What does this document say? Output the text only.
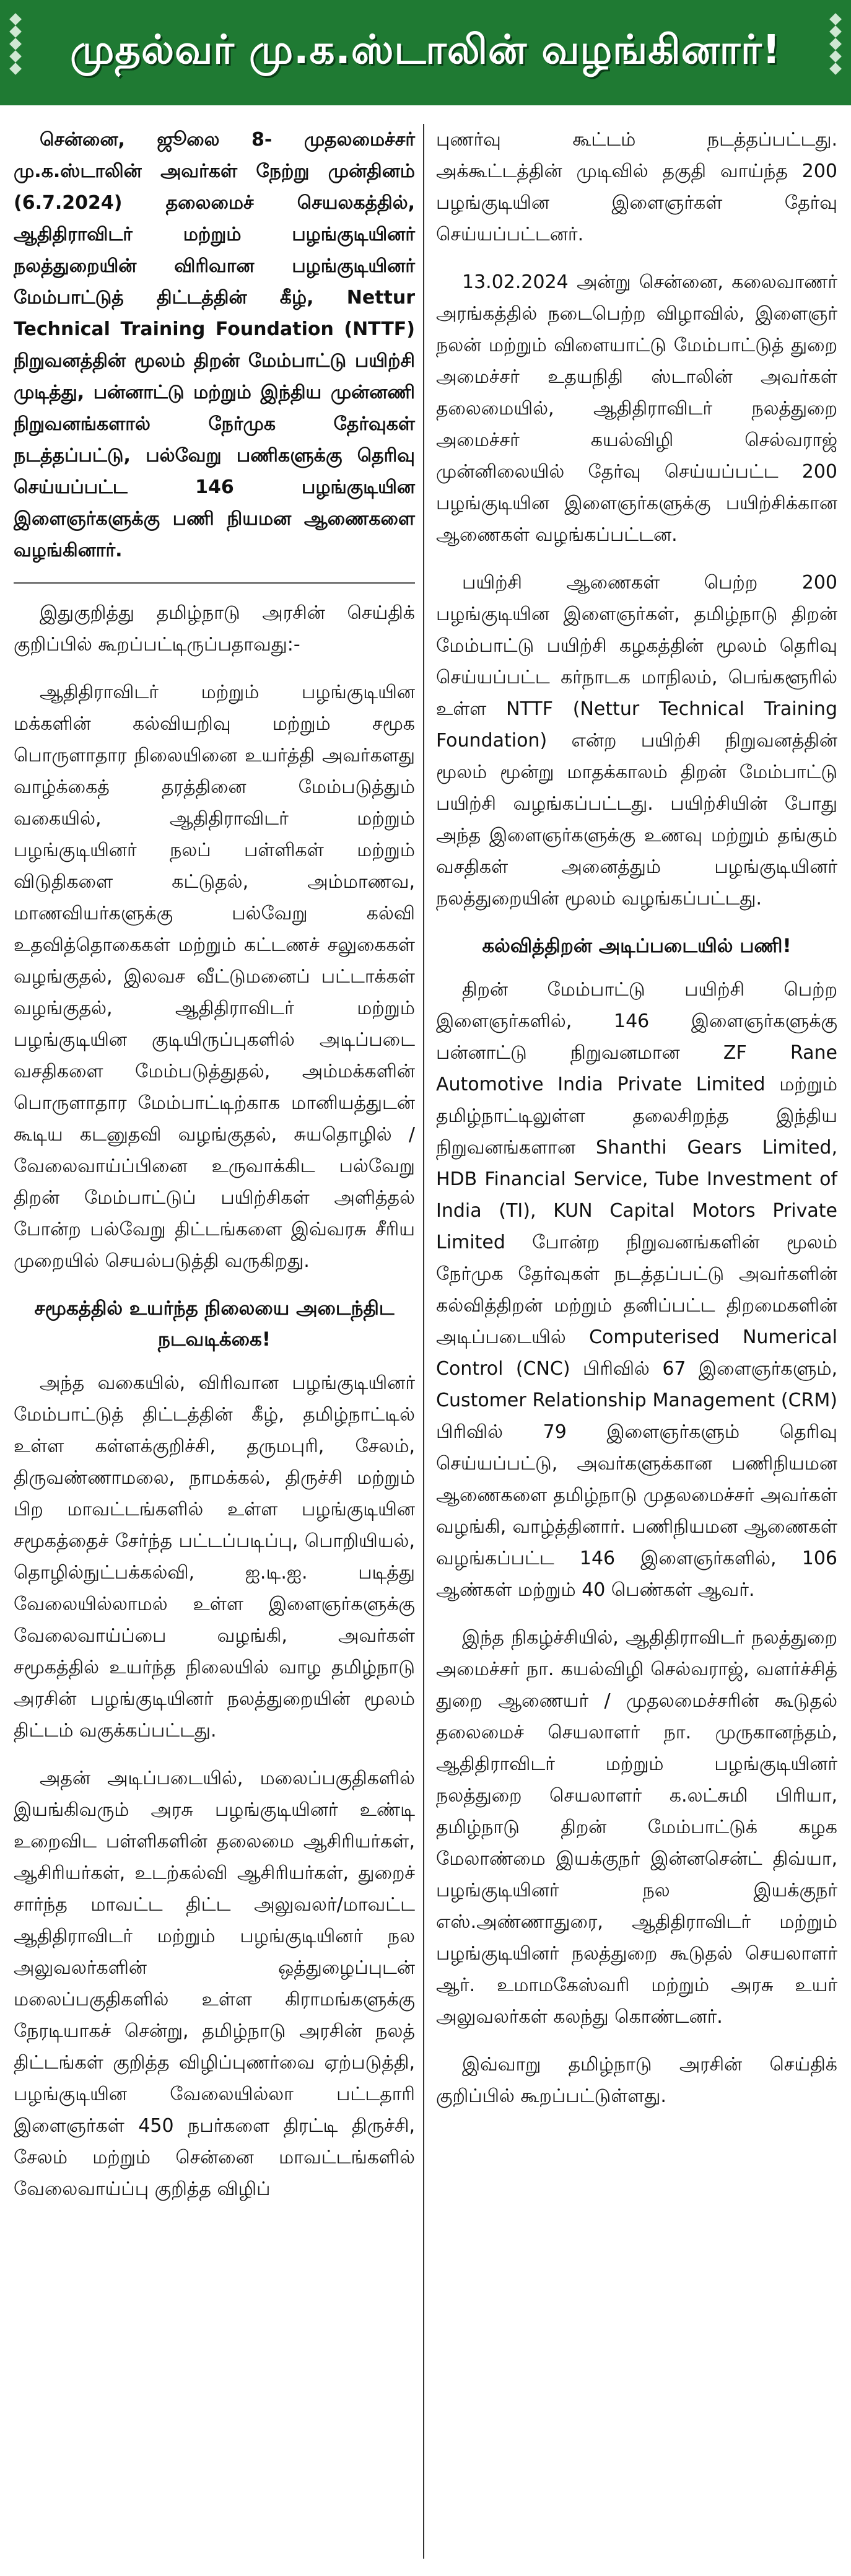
முதல்வர் மு.க.ஸ்டாலின் வழங்கினார்!

சென்னை, ஜூலை 8- முதலமைச்சர் மு.க.ஸ்டாலின் அவர்கள் நேற்று முன்தினம் (6.7.2024) தலைமைச் செயலகத்தில், ஆதிதிராவிடர் மற்றும் பழங்குடியினர் நலத்துறையின் விரிவான பழங்குடியினர் மேம்பாட்டுத் திட்டத்தின் கீழ், Nettur Technical Training Foundation (NTTF) நிறுவனத்தின் மூலம் திறன் மேம்பாட்டு பயிற்சி முடித்து, பன்னாட்டு மற்றும் இந்திய முன்னணி நிறுவனங்களால் நேர்முக தேர்வுகள் நடத்தப்பட்டு, பல்வேறு பணிகளுக்கு தெரிவு செய்யப்பட்ட 146 பழங்குடியின இளைஞர்களுக்கு பணி நியமன ஆணைகளை வழங்கினார்.

இதுகுறித்து தமிழ்நாடு அரசின் செய்திக் குறிப்பில் கூறப்பட்டிருப்பதாவது:-

ஆதிதிராவிடர் மற்றும் பழங்குடியின மக்களின் கல்வியறிவு மற்றும் சமூக பொருளாதார நிலையினை உயர்த்தி அவர்களது வாழ்க்கைத் தரத்தினை மேம்படுத்தும் வகையில், ஆதிதிராவிடர் மற்றும் பழங்குடியினர் நலப் பள்ளிகள் மற்றும் விடுதிகளை கட்டுதல், அம்மாணவ, மாணவியர்களுக்கு பல்வேறு கல்வி உதவித்தொகைகள் மற்றும் கட்டணச் சலுகைகள் வழங்குதல், இலவச வீட்டுமனைப் பட்டாக்கள் வழங்குதல், ஆதிதிராவிடர் மற்றும் பழங்குடியின குடியிருப்புகளில் அடிப்படை வசதிகளை மேம்படுத்துதல், அம்மக்களின் பொருளாதார மேம்பாட்டிற்காக மானியத்துடன் கூடிய கடனுதவி வழங்குதல், சுயதொழில் / வேலைவாய்ப்பினை உருவாக்கிட பல்வேறு திறன் மேம்பாட்டுப் பயிற்சிகள் அளித்தல் போன்ற பல்வேறு திட்டங்களை இவ்வரசு சீரிய முறையில் செயல்படுத்தி வருகிறது.

சமூகத்தில் உயர்ந்த நிலையை அடைந்திட நடவடிக்கை!

அந்த வகையில், விரிவான பழங்குடியினர் மேம்பாட்டுத் திட்டத்தின் கீழ், தமிழ்நாட்டில் உள்ள கள்ளக்குறிச்சி, தருமபுரி, சேலம், திருவண்ணாமலை, நாமக்கல், திருச்சி மற்றும் பிற மாவட்டங்களில் உள்ள பழங்குடியின சமூகத்தைச் சேர்ந்த பட்டப்படிப்பு, பொறியியல், தொழில்நுட்பக்கல்வி, ஐ.டி.ஐ. படித்து வேலையில்லாமல் உள்ள இளைஞர்களுக்கு வேலைவாய்ப்பை வழங்கி, அவர்கள் சமூகத்தில் உயர்ந்த நிலையில் வாழ தமிழ்நாடு அரசின் பழங்குடியினர் நலத்துறையின் மூலம் திட்டம் வகுக்கப்பட்டது.

அதன் அடிப்படையில், மலைப்பகுதிகளில் இயங்கிவரும் அரசு பழங்குடியினர் உண்டி உறைவிட பள்ளிகளின் தலைமை ஆசிரியர்கள், ஆசிரியர்கள், உடற்கல்வி ஆசிரியர்கள், துறைச் சார்ந்த மாவட்ட திட்ட அலுவலர்/மாவட்ட ஆதிதிராவிடர் மற்றும் பழங்குடியினர் நல அலுவலர்களின் ஒத்துழைப்புடன் மலைப்பகுதிகளில் உள்ள கிராமங்களுக்கு நேரடியாகச் சென்று, தமிழ்நாடு அரசின் நலத் திட்டங்கள் குறித்த விழிப்புணர்வை ஏற்படுத்தி, பழங்குடியின வேலையில்லா பட்டதாரி இளைஞர்கள் 450 நபர்களை திரட்டி திருச்சி, சேலம் மற்றும் சென்னை மாவட்டங்களில் வேலைவாய்ப்பு குறித்த விழிப்

புணர்வு கூட்டம் நடத்தப்பட்டது. அக்கூட்டத்தின் முடிவில் தகுதி வாய்ந்த 200 பழங்குடியின இளைஞர்கள் தேர்வு செய்யப்பட்டனர்.

13.02.2024 அன்று சென்னை, கலைவாணர் அரங்கத்தில் நடைபெற்ற விழாவில், இளைஞர் நலன் மற்றும் விளையாட்டு மேம்பாட்டுத் துறை அமைச்சர் உதயநிதி ஸ்டாலின் அவர்கள் தலைமையில், ஆதிதிராவிடர் நலத்துறை அமைச்சர் கயல்விழி செல்வராஜ் முன்னிலையில் தேர்வு செய்யப்பட்ட 200 பழங்குடியின இளைஞர்களுக்கு பயிற்சிக்கான ஆணைகள் வழங்கப்பட்டன.

பயிற்சி ஆணைகள் பெற்ற 200 பழங்குடியின இளைஞர்கள், தமிழ்நாடு திறன் மேம்பாட்டு பயிற்சி கழகத்தின் மூலம் தெரிவு செய்யப்பட்ட கர்நாடக மாநிலம், பெங்களூரில் உள்ள NTTF (Nettur Technical Training Foundation) என்ற பயிற்சி நிறுவனத்தின் மூலம் மூன்று மாதக்காலம் திறன் மேம்பாட்டு பயிற்சி வழங்கப்பட்டது. பயிற்சியின் போது அந்த இளைஞர்களுக்கு உணவு மற்றும் தங்கும் வசதிகள் அனைத்தும் பழங்குடியினர் நலத்துறையின் மூலம் வழங்கப்பட்டது.

கல்வித்திறன் அடிப்படையில் பணி!

திறன் மேம்பாட்டு பயிற்சி பெற்ற இளைஞர்களில், 146 இளைஞர்களுக்கு பன்னாட்டு நிறுவனமான ZF Rane Automotive India Private Limited மற்றும் தமிழ்நாட்டிலுள்ள தலைசிறந்த இந்திய நிறுவனங்களான Shanthi Gears Limited, HDB Financial Service, Tube Investment of India (TI), KUN Capital Motors Private Limited போன்ற நிறுவனங்களின் மூலம் நேர்முக தேர்வுகள் நடத்தப்பட்டு அவர்களின் கல்வித்திறன் மற்றும் தனிப்பட்ட திறமைகளின் அடிப்படையில் Computerised Numerical Control (CNC) பிரிவில் 67 இளைஞர்களும், Customer Relationship Management (CRM) பிரிவில் 79 இளைஞர்களும் தெரிவு செய்யப்பட்டு, அவர்களுக்கான பணிநியமன ஆணைகளை தமிழ்நாடு முதலமைச்சர் அவர்கள் வழங்கி, வாழ்த்தினார். பணிநியமன ஆணைகள் வழங்கப்பட்ட 146 இளைஞர்களில், 106 ஆண்கள் மற்றும் 40 பெண்கள் ஆவர்.

இந்த நிகழ்ச்சியில், ஆதிதிராவிடர் நலத்துறை அமைச்சர் நா. கயல்விழி செல்வராஜ், வளர்ச்சித் துறை ஆணையர் / முதலமைச்சரின் கூடுதல் தலைமைச் செயலாளர் நா. முருகானந்தம், ஆதிதிராவிடர் மற்றும் பழங்குடியினர் நலத்துறை செயலாளர் க.லட்சுமி பிரியா, தமிழ்நாடு திறன் மேம்பாட்டுக் கழக மேலாண்மை இயக்குநர் இன்னசென்ட் திவ்யா, பழங்குடியினர் நல இயக்குநர் எஸ்.அண்ணாதுரை, ஆதிதிராவிடர் மற்றும் பழங்குடியினர் நலத்துறை கூடுதல் செயலாளர் ஆர். உமாமகேஸ்வரி மற்றும் அரசு உயர் அலுவலர்கள் கலந்து கொண்டனர்.

இவ்வாறு தமிழ்நாடு அரசின் செய்திக் குறிப்பில் கூறப்பட்டுள்ளது.
